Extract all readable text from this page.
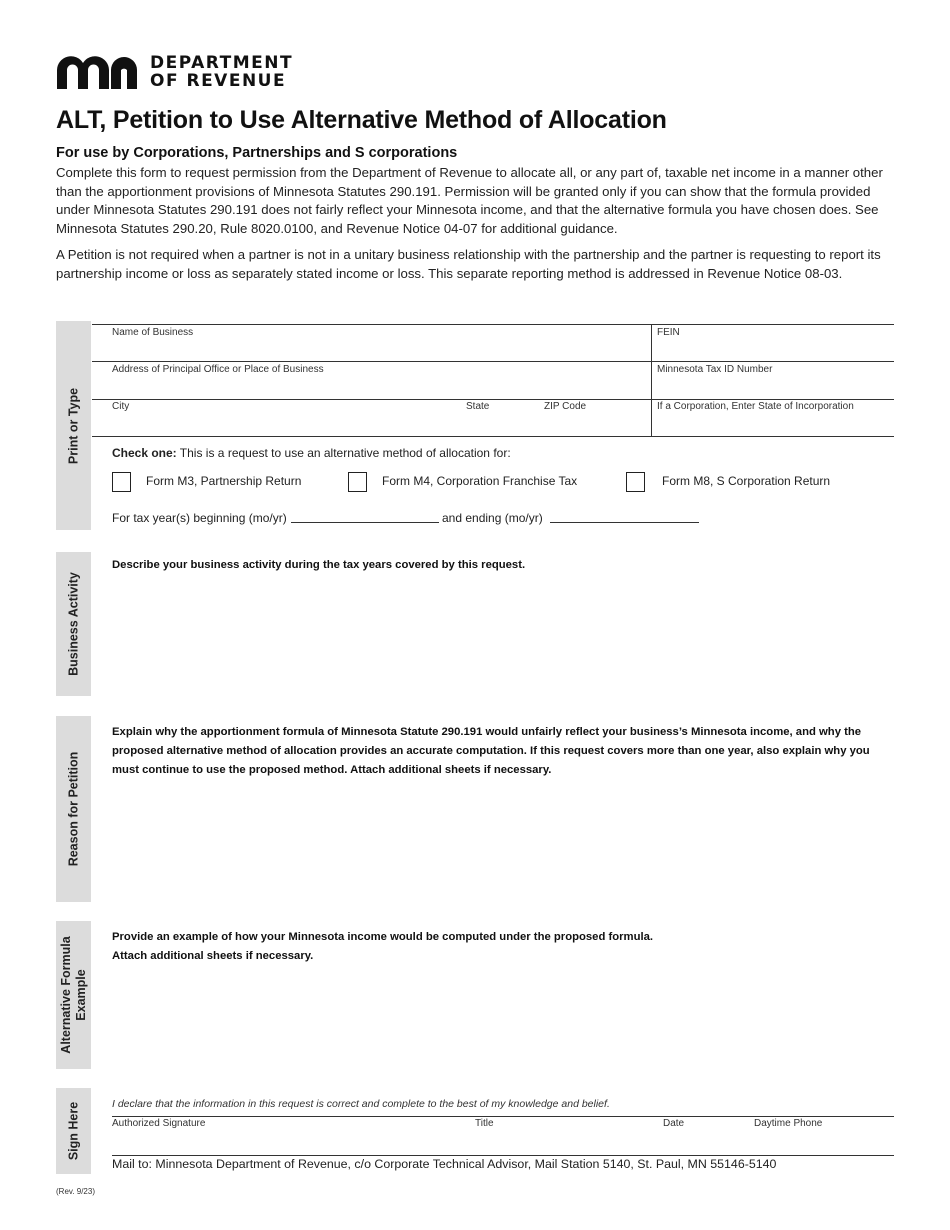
DEPARTMENT
OF REVENUE
ALT, Petition to Use Alternative Method of Allocation
For use by Corporations, Partnerships and S corporations
Complete this form to request permission from the Department of Revenue to allocate all, or any part of, taxable net income in a manner other than the apportionment provisions of Minnesota Statutes 290.191. Permission will be granted only if you can show that the formula provided under Minnesota Statutes 290.191 does not fairly reflect your Minnesota income, and that the alternative formula you have chosen does. See Minnesota Statutes 290.20, Rule 8020.0100, and Revenue Notice 04-07 for additional guidance.
A Petition is not required when a partner is not in a unitary business relationship with the partnership and the partner is requesting to report its partnership income or loss as separately stated income or loss. This separate reporting method is addressed in Revenue Notice 08-03.
Print or Type
Business Activity
Reason for Petition
Alternative Formula Example
Sign Here
Name of Business	FEIN
Address of Principal Office or Place of Business	Minnesota Tax ID Number
City	State	ZIP Code	If a Corporation, Enter State of Incorporation
Check one: This is a request to use an alternative method of allocation for:
Form M3, Partnership Return	Form M4, Corporation Franchise Tax	Form M8, S Corporation Return
For tax year(s) beginning (mo/yr)	and ending (mo/yr)
Describe your business activity during the tax years covered by this request.
Explain why the apportionment formula of Minnesota Statute 290.191 would unfairly reflect your business’s Minnesota income, and why the proposed alternative method of allocation provides an accurate computation. If this request covers more than one year, also explain why you must continue to use the proposed method. Attach additional sheets if necessary.
Provide an example of how your Minnesota income would be computed under the proposed formula.
Attach additional sheets if necessary.
I declare that the information in this request is correct and complete to the best of my knowledge and belief.
Authorized Signature	Title	Date	Daytime Phone
Mail to: Minnesota Department of Revenue, c/o Corporate Technical Advisor, Mail Station 5140, St. Paul, MN 55146-5140
(Rev. 9/23)
